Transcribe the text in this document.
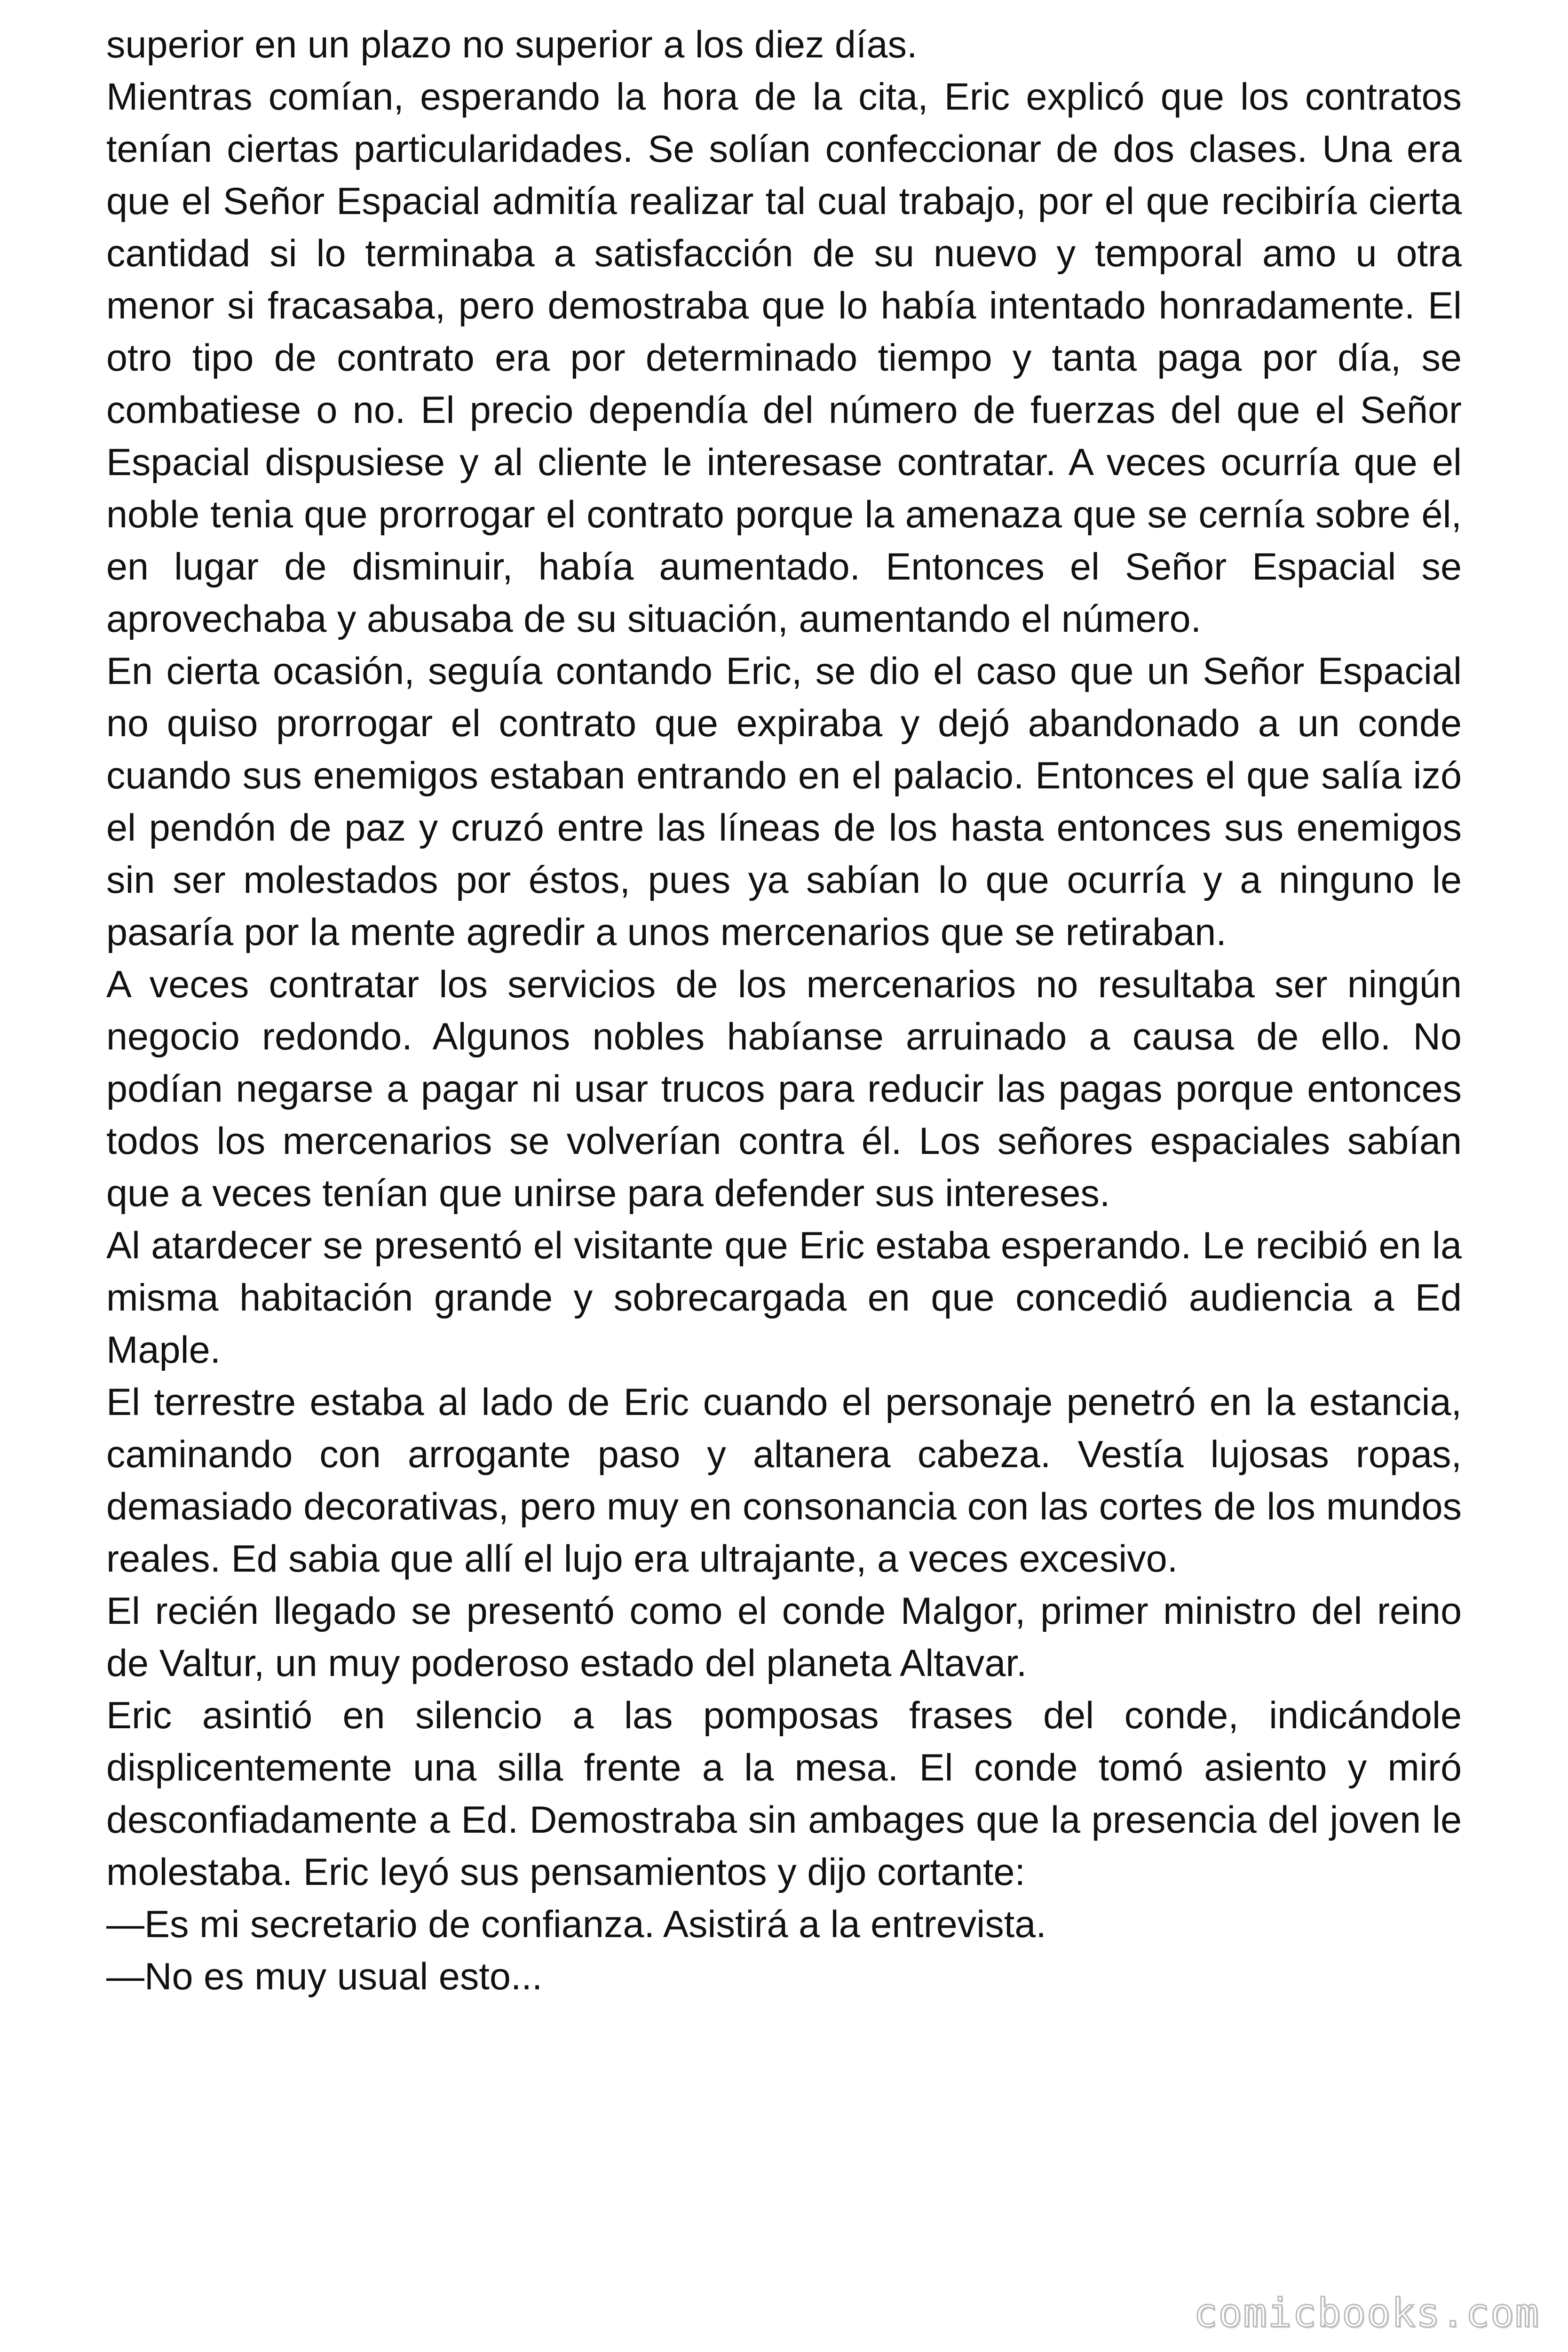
superior en un plazo no superior a los diez días.

Mientras comían, esperando la hora de la cita, Eric explicó que los contratos tenían ciertas particularidades. Se solían confeccionar de dos clases. Una era que el Señor Espacial admitía realizar tal cual trabajo, por el que recibiría cierta cantidad si lo terminaba a satisfacción de su nuevo y temporal amo u otra menor si fracasaba, pero demostraba que lo había intentado honradamente. El otro tipo de contrato era por determinado tiempo y tanta paga por día, se combatiese o no. El precio dependía del número de fuerzas del que el Señor Espacial dispusiese y al cliente le interesase contratar. A veces ocurría que el noble tenia que prorrogar el contrato porque la amenaza que se cernía sobre él, en lugar de disminuir, había aumentado. Entonces el Señor Espacial se aprovechaba y abusaba de su situación, aumentando el número.

En cierta ocasión, seguía contando Eric, se dio el caso que un Señor Espacial no quiso prorrogar el contrato que expiraba y dejó abandonado a un conde cuando sus enemigos estaban entrando en el palacio. Entonces el que salía izó el pendón de paz y cruzó entre las líneas de los hasta entonces sus enemigos sin ser molestados por éstos, pues ya sabían lo que ocurría y a ninguno le pasaría por la mente agredir a unos mercenarios que se retiraban.

A veces contratar los servicios de los mercenarios no resultaba ser ningún negocio redondo. Algunos nobles habíanse arruinado a causa de ello. No podían negarse a pagar ni usar trucos para reducir las pagas porque entonces todos los mercenarios se volverían contra él. Los señores espaciales sabían que a veces tenían que unirse para defender sus intereses.

Al atardecer se presentó el visitante que Eric estaba esperando. Le recibió en la misma habitación grande y sobrecargada en que concedió audiencia a Ed Maple.

El terrestre estaba al lado de Eric cuando el personaje penetró en la estancia, caminando con arrogante paso y altanera cabeza. Vestía lujosas ropas, demasiado decorativas, pero muy en consonancia con las cortes de los mundos reales. Ed sabia que allí el lujo era ultrajante, a veces excesivo.

El recién llegado se presentó como el conde Malgor, primer ministro del reino de Valtur, un muy poderoso estado del planeta Altavar.

Eric asintió en silencio a las pomposas frases del conde, indicándole displicentemente una silla frente a la mesa. El conde tomó asiento y miró desconfiadamente a Ed. Demostraba sin ambages que la presencia del joven le molestaba. Eric leyó sus pensamientos y dijo cortante:

—Es mi secretario de confianza. Asistirá a la entrevista.

—No es muy usual esto...

comicbooks.com
